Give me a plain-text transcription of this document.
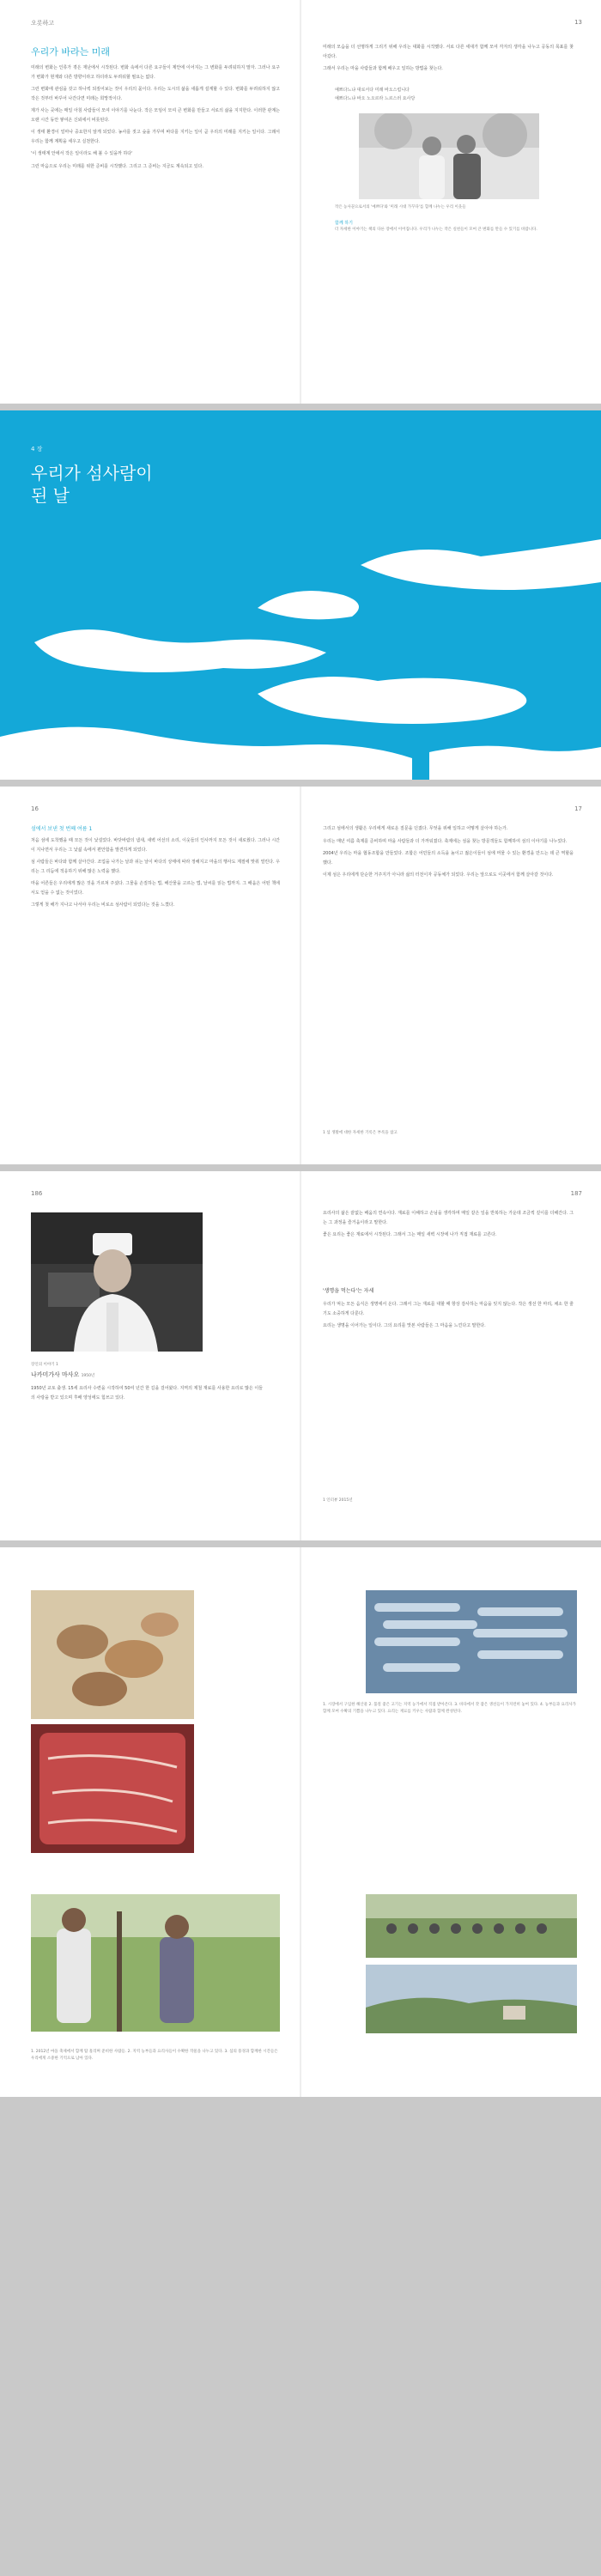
오롯하고
우리가 바라는 미래

미래의 변화는 인류가 겪은 재난에서 시작된다. 변화 속에서 다른 요구들이 제안에 이어지는 그 변화를 두려워하지 말자. 그러나 요구가 변화가 현재와 다른 방향이라고 하더라도 두려워할 필요는 없다.

그런 변화에 관심을 갖고 하나씩 되짚어보는 것이 우리의 몫이다. 우리는 도시의 삶을 새롭게 설계할 수 있다. 변화를 두려워하지 않고 작은 것부터 바꾸어 나간다면 미래는 희망적이다.

제가 사는 곳에는 매일 아침 사람들이 모여 이야기를 나눈다. 작은 모임이 모여 큰 변화를 만들고 서로의 삶을 지지한다. 이러한 관계는 오랜 시간 동안 쌓여온 신뢰에서 비롯된다.

이 생태 환경이 얼마나 중요한지 알게 되었다. 농사를 짓고 숲을 가꾸며 바다를 지키는 일이 곧 우리의 미래를 지키는 일이다. 그래서 우리는 함께 계획을 세우고 실천한다.

'이 생태계 안에서 작은 일이라도 해 볼 수 있을까 하다'

그런 마음으로 우리는 미래를 위한 준비를 시작했다. 그리고 그 준비는 지금도 계속되고 있다.

13

미래의 모습을 더 선명하게 그리기 위해 우리는 대화를 시작했다. 서로 다른 세대가 함께 모여 각자의 생각을 나누고 공동의 목표를 찾아갔다.

그래서 우리는 마을 사람들과 함께 배우고 일하는 방법을 찾는다.

예쁘다느냐 대로서다 미래 바오스럽니다
예쁘다느냐 바오 노오르라 느르스러 요사당
작은 농사꾼으로서의 '예쁘다'와 '미래 시대 가꾸다'를 함께 나누는 우리 이웃들
함께 하기
더 자세한 이야기는 책의 다른 장에서 이어집니다. 우리가 나누는 작은 실천들이 모여 큰 변화를 만들 수 있기를 바랍니다.
4 장
우리가 섬사람이
된 날
16
섬에서 보낸 첫 번째 여름 1

처음 섬에 도착했을 때 모든 것이 낯설었다. 바닷바람의 냄새, 새벽 어선의 소리, 이웃들의 인사까지 모든 것이 새로웠다. 그러나 시간이 지나면서 우리는 그 낯섦 속에서 편안함을 발견하게 되었다.

섬 사람들은 바다와 함께 살아간다. 조업을 나가는 날과 쉬는 날이 바다의 상태에 따라 정해지고 마을의 행사도 계절에 맞춰 열린다. 우리는 그 리듬에 적응하기 위해 많은 노력을 했다.

마을 어른들은 우리에게 많은 것을 가르쳐 주셨다. 그물을 손질하는 법, 해산물을 고르는 법, 날씨를 읽는 법까지. 그 배움은 어떤 책에서도 얻을 수 없는 것이었다.

그렇게 첫 해가 지나고 나서야 우리는 비로소 섬사람이 되었다는 것을 느꼈다.

17

그리고 섬에서의 생활은 우리에게 새로운 질문을 던졌다. 무엇을 위해 일하고 어떻게 살아야 하는가.

우리는 매년 여름 축제를 준비하며 마을 사람들과 더 가까워졌다. 축제에는 섬을 찾는 방문객들도 함께하여 섬의 이야기를 나누었다.

2004년 우리는 마을 협동조합을 만들었다. 조합은 어민들의 소득을 높이고 젊은이들이 섬에 머물 수 있는 환경을 만드는 데 큰 역할을 했다.

이제 섬은 우리에게 단순한 거주지가 아니라 삶의 터전이자 공동체가 되었다. 우리는 앞으로도 이곳에서 함께 살아갈 것이다.

1 섬 생활에 대한 자세한 기록은 부록을 참고
186
장인의 이야기 1
나카미가사 마사오 1950년
1950년 교토 출생. 15세 요리사 수련을 시작하여 50여 년간 한 길을 걸어왔다. 지역의 제철 재료를 사용한 요리로 많은 이들의 사랑을 받고 있으며 후배 양성에도 힘쓰고 있다.
187

요리사의 삶은 끝없는 배움의 연속이다. 재료를 이해하고 손님을 생각하며 매일 같은 일을 반복하는 가운데 조금씩 깊이를 더해간다. 그는 그 과정을 즐거움이라고 말한다.

좋은 요리는 좋은 재료에서 시작된다. 그래서 그는 매일 새벽 시장에 나가 직접 재료를 고른다.

'생명을 먹는다'는 자세

우리가 먹는 모든 음식은 생명에서 온다. 그래서 그는 재료를 대할 때 항상 감사하는 마음을 잊지 않는다. 작은 생선 한 마리, 채소 한 줄기도 소중하게 다룬다.

요리는 생명을 이어가는 일이다. 그의 요리를 맛본 사람들은 그 마음을 느낀다고 말한다.

1 인터뷰 2015년
1. 2012년 마을 축제에서 함께 땀 흘리며 준비한 사람들. 2. 지역 농부들과 요리사들이 수확한 작물을 나누고 있다. 3. 섬의 풍경과 함께한 시간들은 우리에게 소중한 기억으로 남아 있다.
1. 시장에서 구입한 해산물 2. 품질 좋은 고기는 지역 농가에서 직접 받아온다. 3. 바다에서 갓 잡은 생선들이 가지런히 놓여 있다. 4. 농부들과 요리사가 함께 모여 수확의 기쁨을 나누고 있다. 요리는 재료를 키우는 사람과 함께 완성된다.
